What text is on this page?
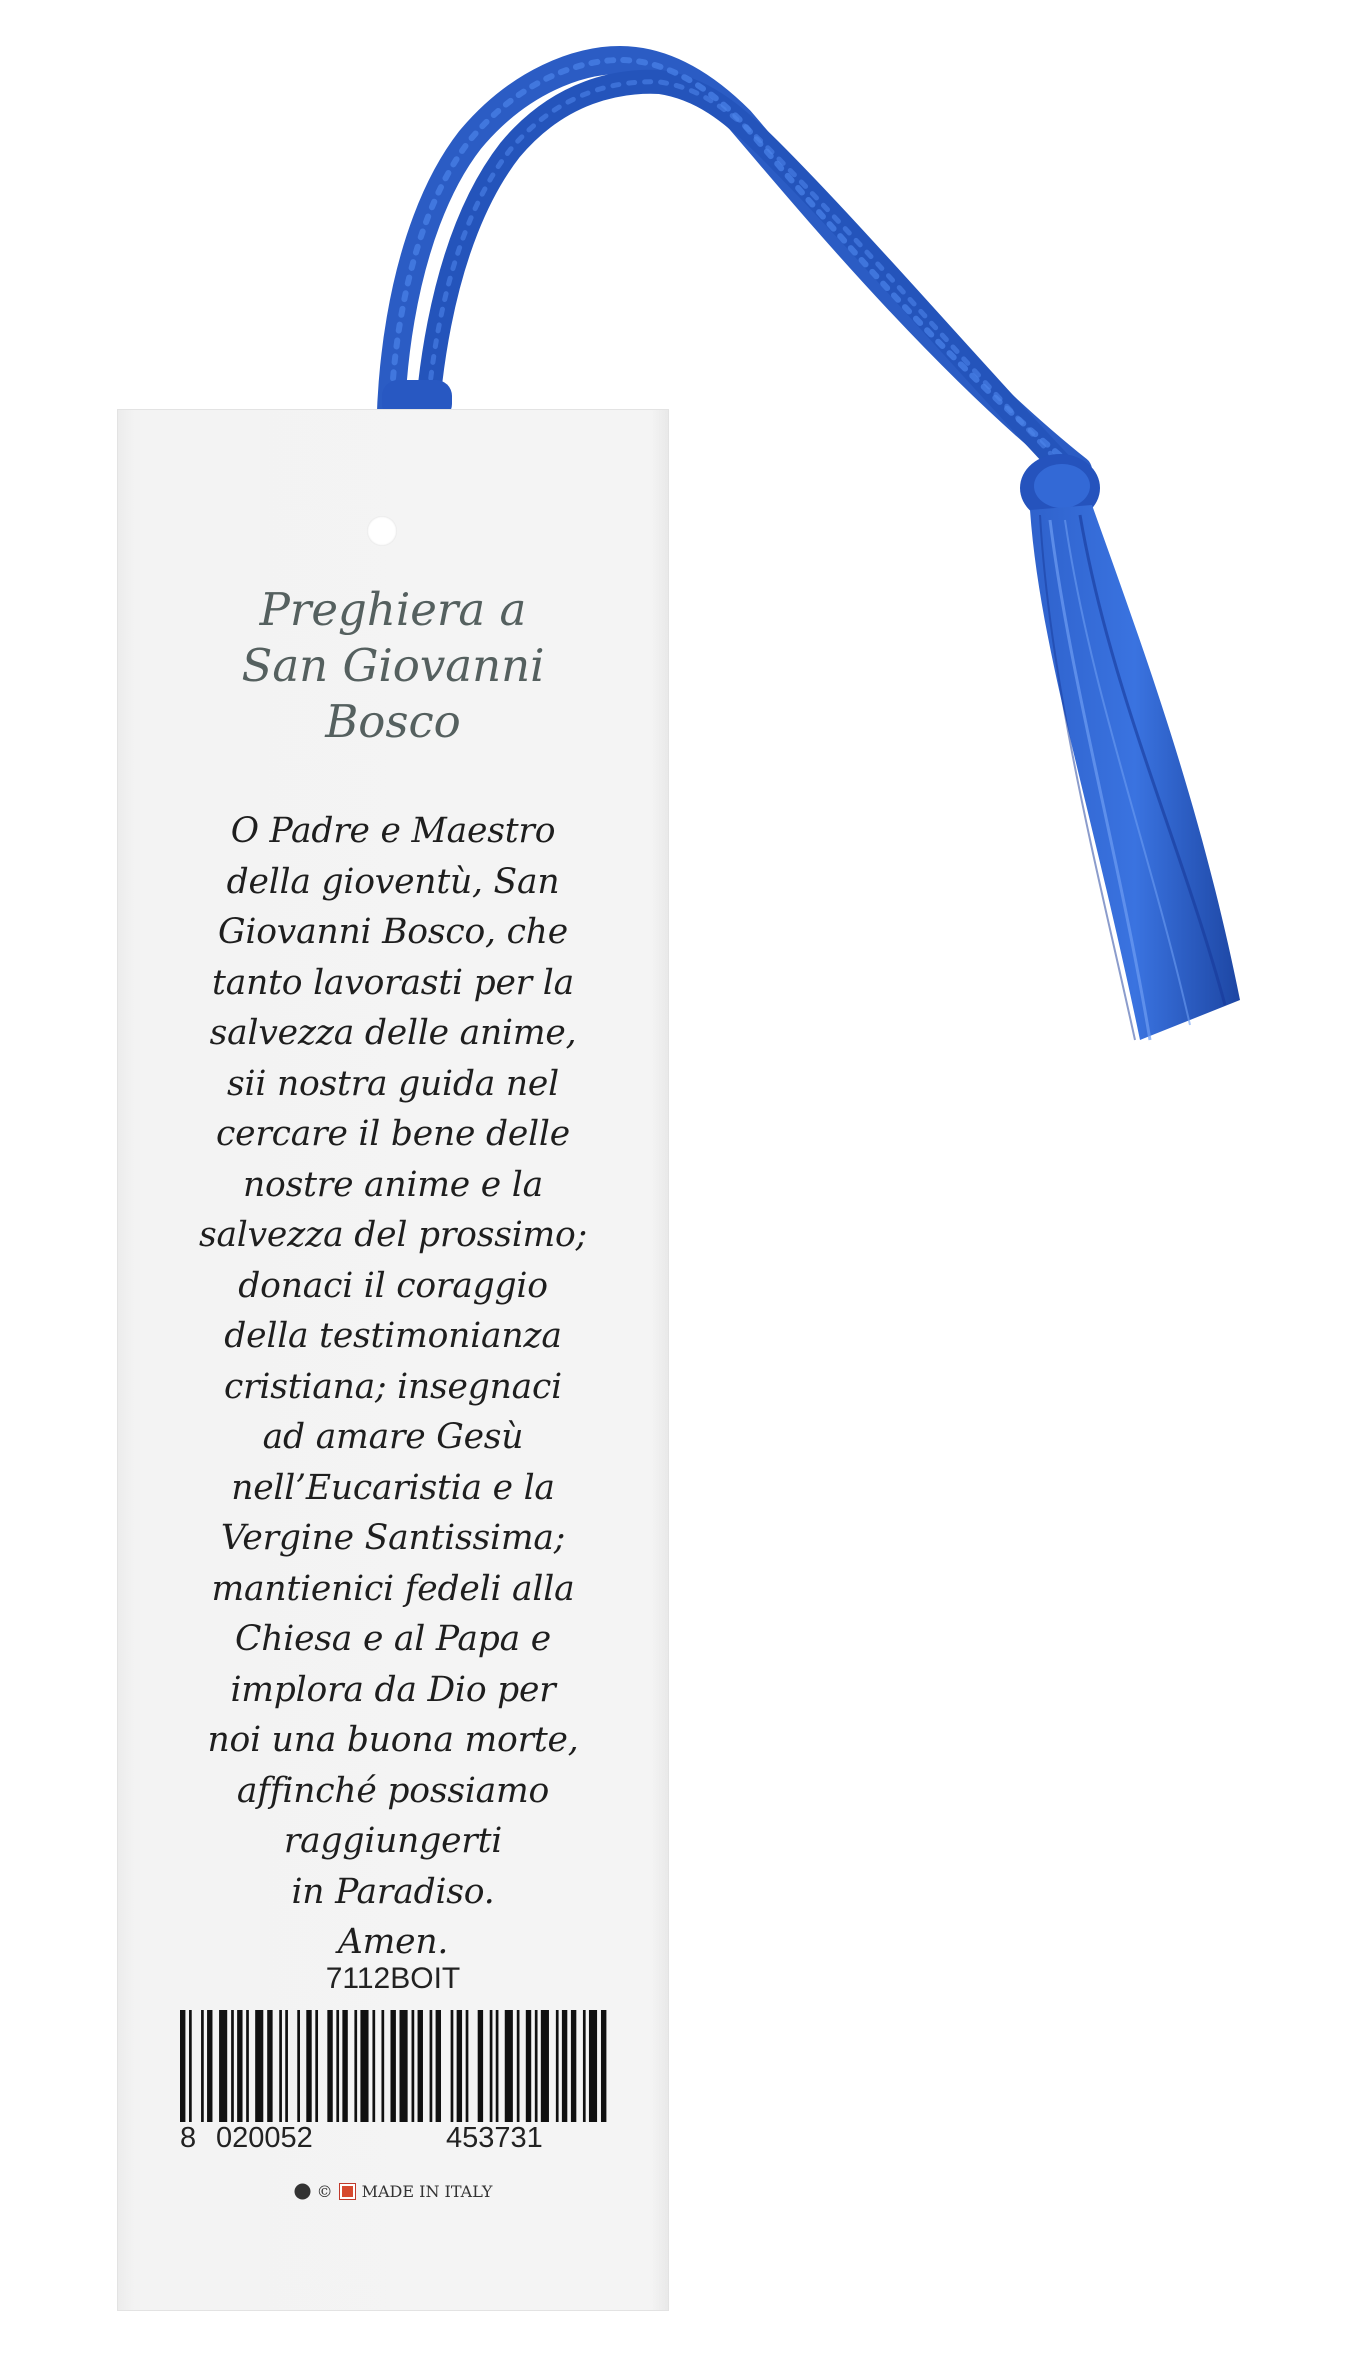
Preghiera a
San Giovanni
Bosco
O Padre e Maestro
della gioventù, San
Giovanni Bosco, che
tanto lavorasti per la
salvezza delle anime,
sii nostra guida nel
cercare il bene delle
nostre anime e la
salvezza del prossimo;
donaci il coraggio
della testimonianza
cristiana; insegnaci
ad amare Gesù
nell’Eucaristia e la
Vergine Santissima;
mantienici fedeli alla
Chiesa e al Papa e
implora da Dio per
noi una buona morte,
affinché possiamo
raggiungerti
in Paradiso.
Amen.
7112BOIT
8 020052	453731
© MADE IN ITALY
